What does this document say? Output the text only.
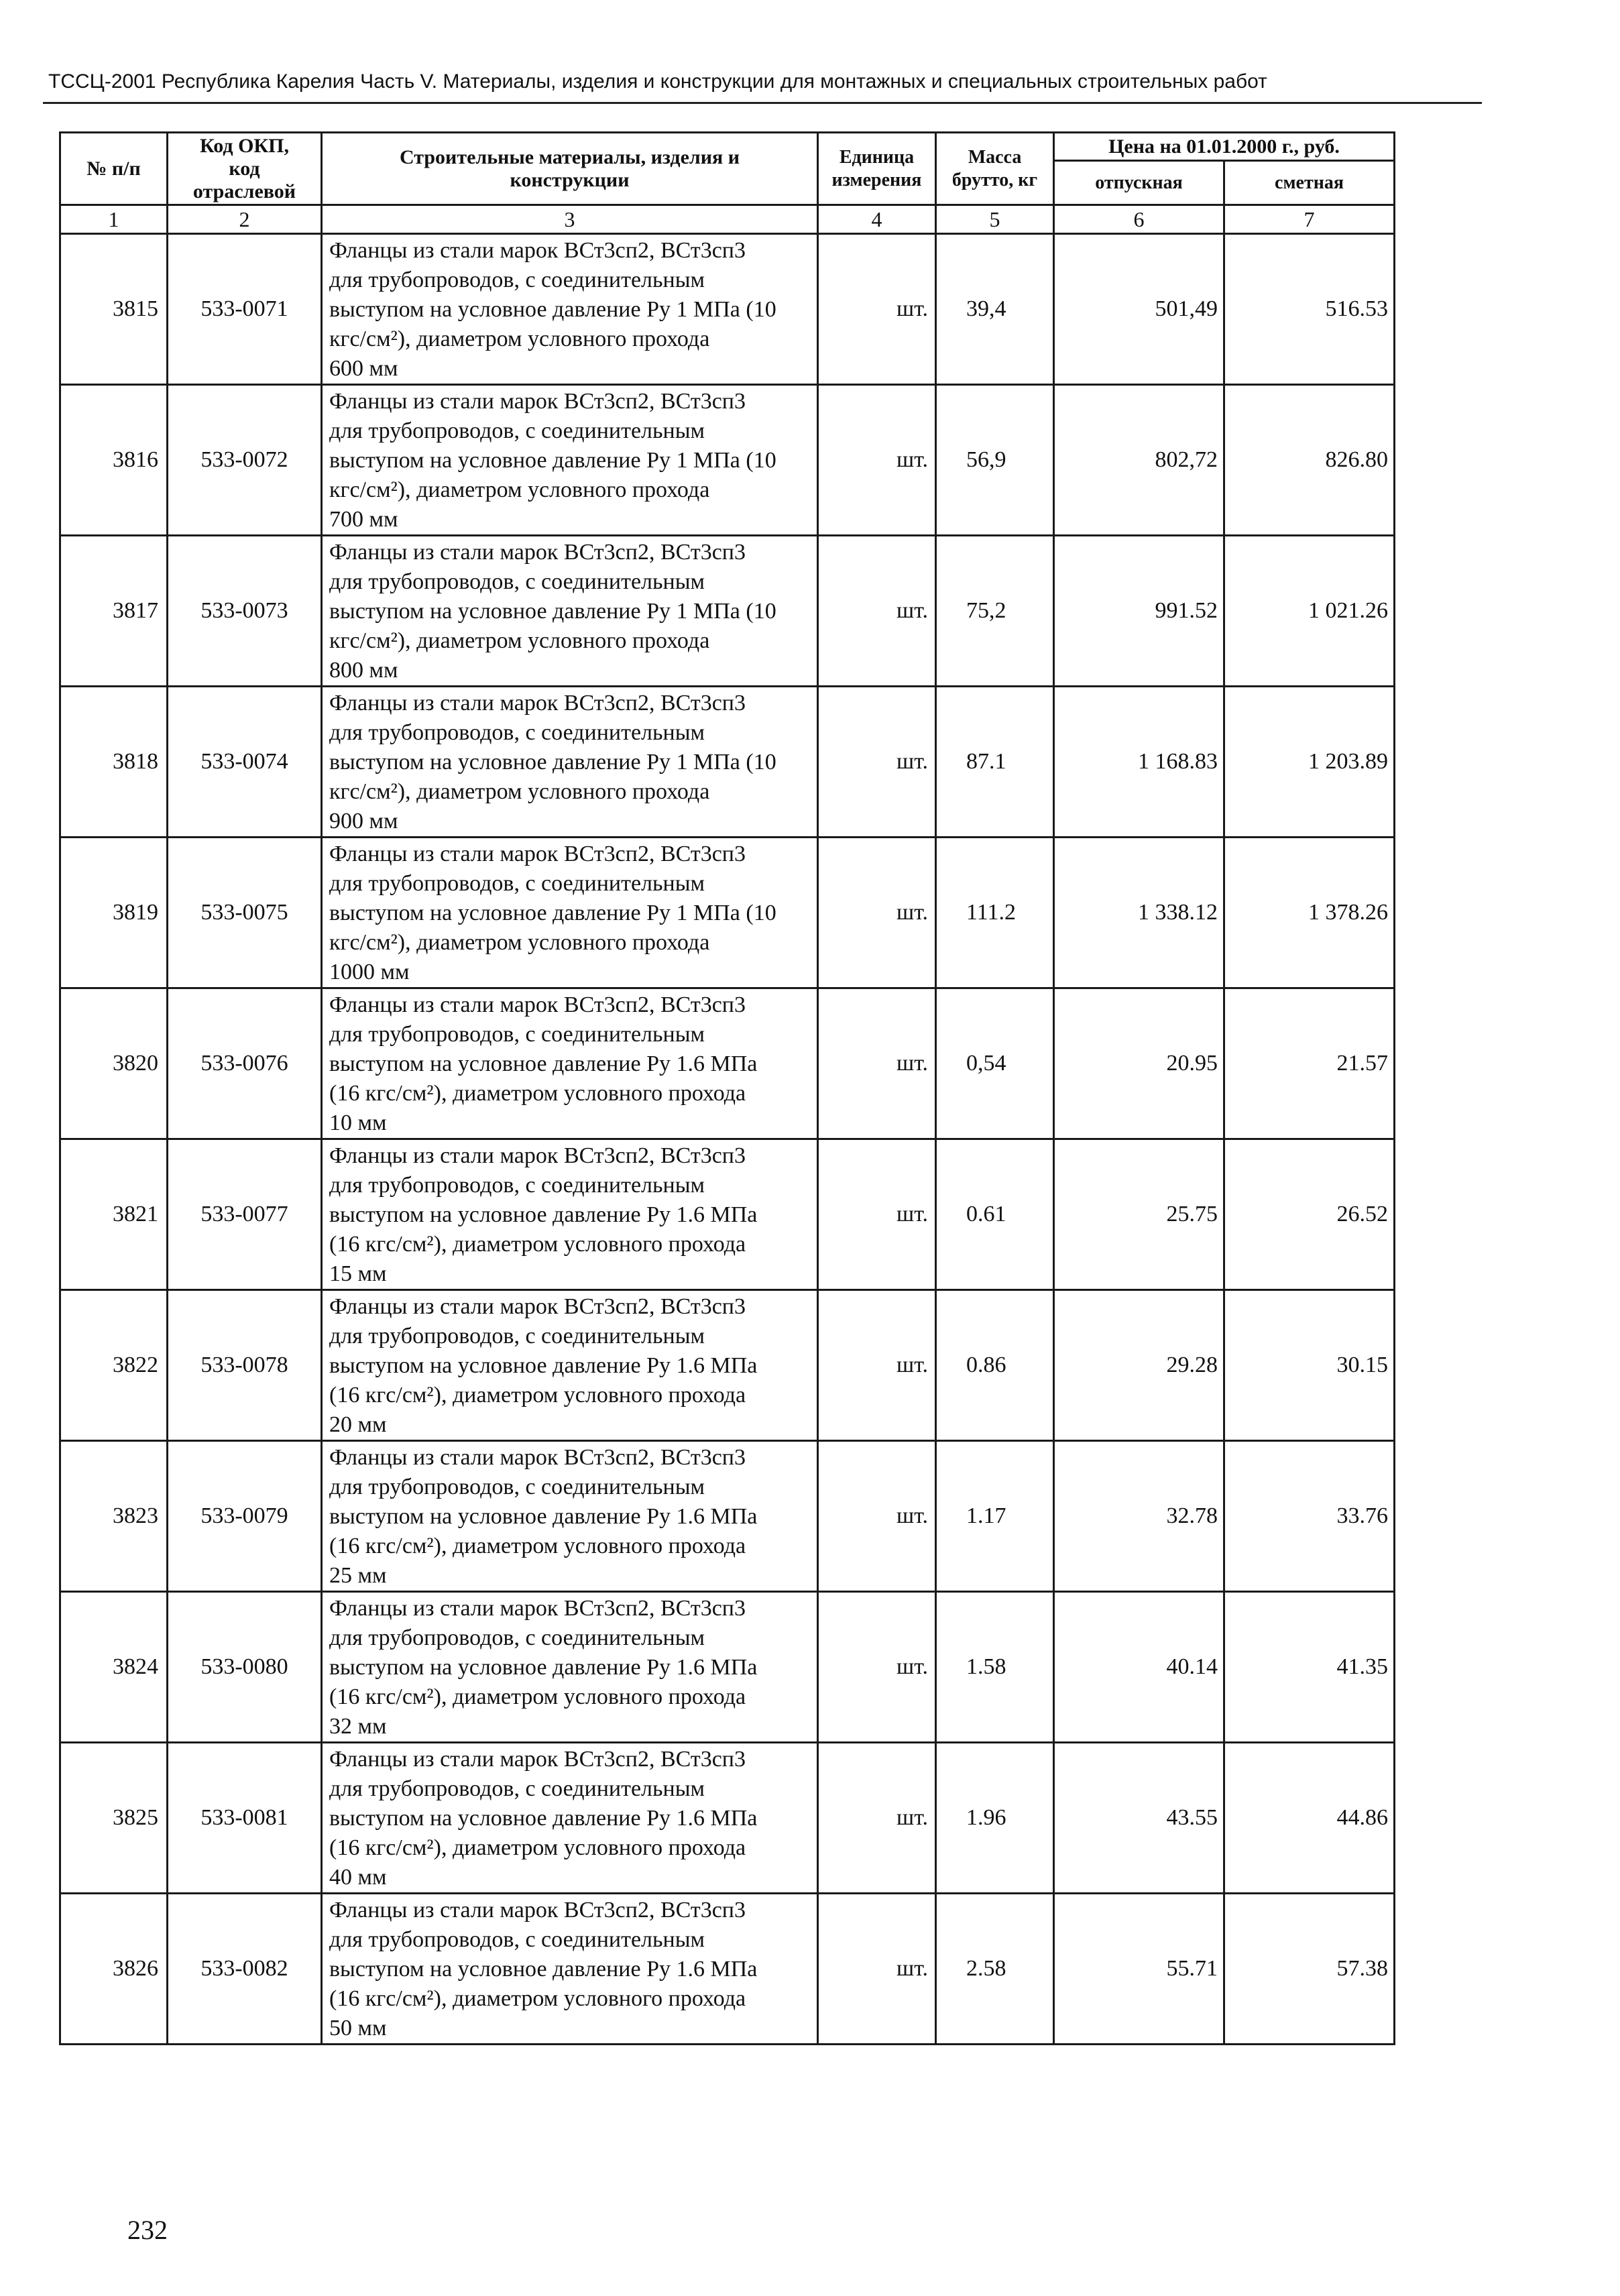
ТССЦ-2001 Республика Карелия Часть V. Материалы, изделия и конструкции для монтажных и специальных строительных работ
№ п/п	Код ОКП,
код
отраслевой	Строительные материалы, изделия и
конструкции	Единица
измерения	Масса
брутто, кг	Цена на 01.01.2000 г., руб.	
					отпускная	сметная
1	2	3	4	5	6	7
3815	533-0071	Фланцы из стали марок ВСт3сп2, ВСт3сп3
для трубопроводов, с соединительным
выступом на условное давление Ру 1 МПа (10
кгс/см²), диаметром условного прохода
600 мм	шт.	39,4	501,49	516.53
3816	533-0072	Фланцы из стали марок ВСт3сп2, ВСт3сп3
для трубопроводов, с соединительным
выступом на условное давление Ру 1 МПа (10
кгс/см²), диаметром условного прохода
700 мм	шт.	56,9	802,72	826.80
3817	533-0073	Фланцы из стали марок ВСт3сп2, ВСт3сп3
для трубопроводов, с соединительным
выступом на условное давление Ру 1 МПа (10
кгс/см²), диаметром условного прохода
800 мм	шт.	75,2	991.52	1 021.26
3818	533-0074	Фланцы из стали марок ВСт3сп2, ВСт3сп3
для трубопроводов, с соединительным
выступом на условное давление Ру 1 МПа (10
кгс/см²), диаметром условного прохода
900 мм	шт.	87.1	1 168.83	1 203.89
3819	533-0075	Фланцы из стали марок ВСт3сп2, ВСт3сп3
для трубопроводов, с соединительным
выступом на условное давление Ру 1 МПа (10
кгс/см²), диаметром условного прохода
1000 мм	шт.	111.2	1 338.12	1 378.26
3820	533-0076	Фланцы из стали марок ВСт3сп2, ВСт3сп3
для трубопроводов, с соединительным
выступом на условное давление Ру 1.6 МПа
(16 кгс/см²), диаметром условного прохода
10 мм	шт.	0,54	20.95	21.57
3821	533-0077	Фланцы из стали марок ВСт3сп2, ВСт3сп3
для трубопроводов, с соединительным
выступом на условное давление Ру 1.6 МПа
(16 кгс/см²), диаметром условного прохода
15 мм	шт.	0.61	25.75	26.52
3822	533-0078	Фланцы из стали марок ВСт3сп2, ВСт3сп3
для трубопроводов, с соединительным
выступом на условное давление Ру 1.6 МПа
(16 кгс/см²), диаметром условного прохода
20 мм	шт.	0.86	29.28	30.15
3823	533-0079	Фланцы из стали марок ВСт3сп2, ВСт3сп3
для трубопроводов, с соединительным
выступом на условное давление Ру 1.6 МПа
(16 кгс/см²), диаметром условного прохода
25 мм	шт.	1.17	32.78	33.76
3824	533-0080	Фланцы из стали марок ВСт3сп2, ВСт3сп3
для трубопроводов, с соединительным
выступом на условное давление Ру 1.6 МПа
(16 кгс/см²), диаметром условного прохода
32 мм	шт.	1.58	40.14	41.35
3825	533-0081	Фланцы из стали марок ВСт3сп2, ВСт3сп3
для трубопроводов, с соединительным
выступом на условное давление Ру 1.6 МПа
(16 кгс/см²), диаметром условного прохода
40 мм	шт.	1.96	43.55	44.86
3826	533-0082	Фланцы из стали марок ВСт3сп2, ВСт3сп3
для трубопроводов, с соединительным
выступом на условное давление Ру 1.6 МПа
(16 кгс/см²), диаметром условного прохода
50 мм	шт.	2.58	55.71	57.38
232
